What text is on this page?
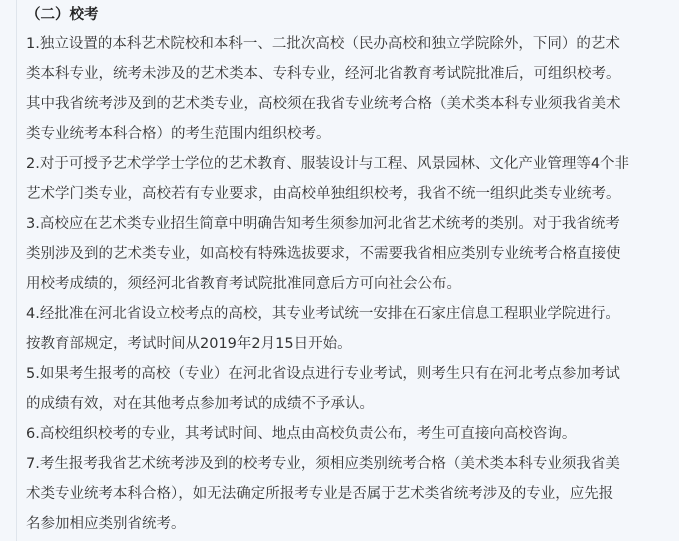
（二）校考
1.独立设置的本科艺术院校和本科一、二批次高校（民办高校和独立学院除外，下同）的艺术
类本科专业，统考未涉及的艺术类本、专科专业，经河北省教育考试院批准后，可组织校考。
其中我省统考涉及到的艺术类专业，高校须在我省专业统考合格（美术类本科专业须我省美术
类专业统考本科合格）的考生范围内组织校考。
2.对于可授予艺术学学士学位的艺术教育、服装设计与工程、风景园林、文化产业管理等4个非
艺术学门类专业，高校若有专业要求，由高校单独组织校考，我省不统一组织此类专业统考。
3.高校应在艺术类专业招生简章中明确告知考生须参加河北省艺术统考的类别。对于我省统考
类别涉及到的艺术类专业，如高校有特殊选拔要求，不需要我省相应类别专业统考合格直接使
用校考成绩的，须经河北省教育考试院批准同意后方可向社会公布。
4.经批准在河北省设立校考点的高校，其专业考试统一安排在石家庄信息工程职业学院进行。
按教育部规定，考试时间从2019年2月15日开始。
5.如果考生报考的高校（专业）在河北省设点进行专业考试，则考生只有在河北考点参加考试
的成绩有效，对在其他考点参加考试的成绩不予承认。
6.高校组织校考的专业，其考试时间、地点由高校负责公布，考生可直接向高校咨询。
7.考生报考我省艺术统考涉及到的校考专业，须相应类别统考合格（美术类本科专业须我省美
术类专业统考本科合格），如无法确定所报考专业是否属于艺术类省统考涉及的专业，应先报
名参加相应类别省统考。
